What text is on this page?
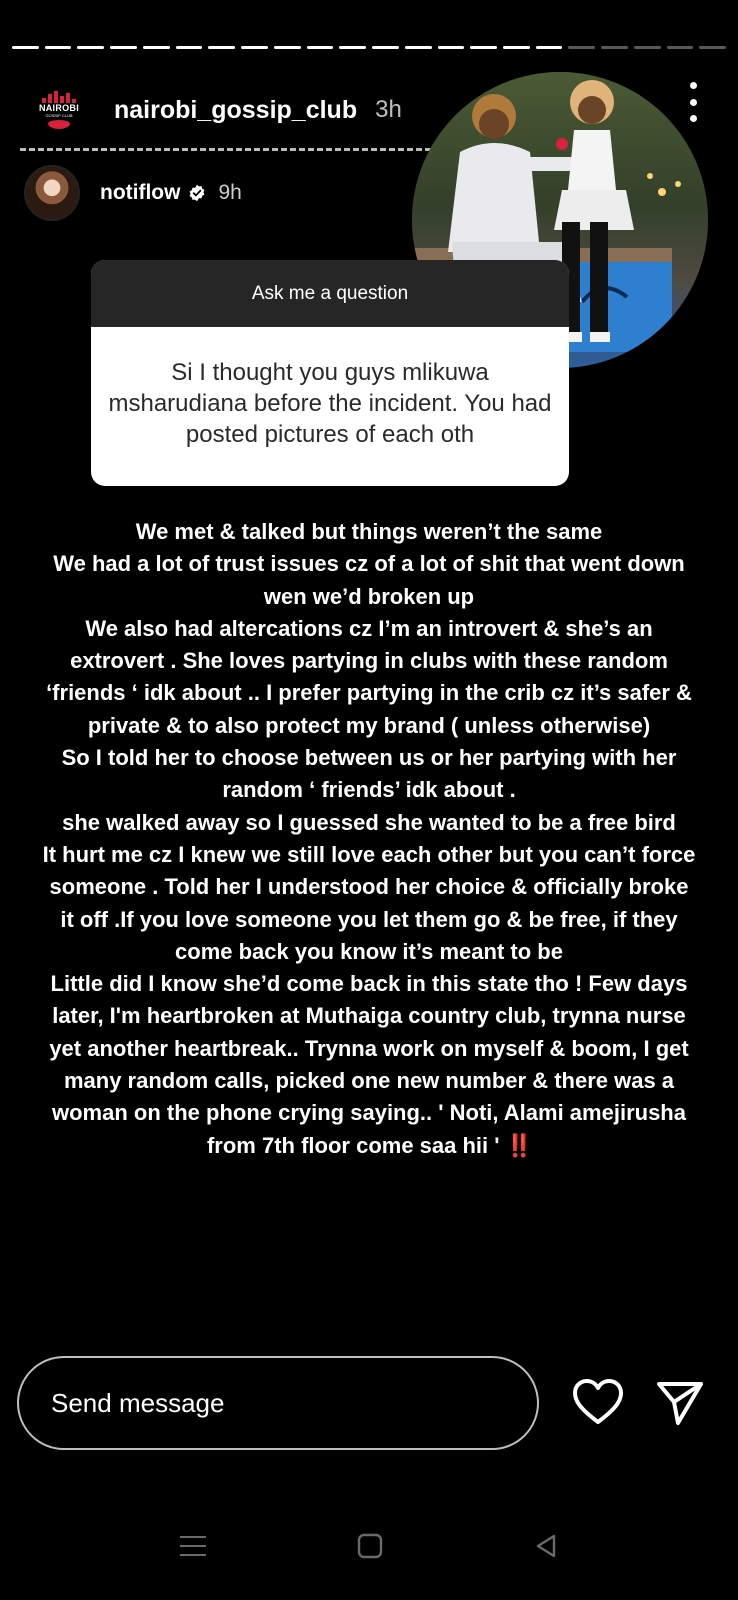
NAIROBI
GOSSIP CLUB nairobi_gossip_club 3h
notiflow 9h
Ask me a question
Si I thought you guys mlikuwa msharudiana before the incident. You had posted pictures of each oth
We met & talked but things weren’t the same
We had a lot of trust issues cz of a lot of shit that went down wen we’d broken up
We also had altercations cz I’m an introvert & she’s an extrovert . She loves partying in clubs with these random ‘friends ‘ idk about .. I prefer partying in the crib cz it’s safer & private & to also protect my brand ( unless otherwise)
So I told her to choose between us or her partying with her random ‘ friends’ idk about .
she walked away so I guessed she wanted to be a free bird
It hurt me cz I knew we still love each other but you can’t force someone . Told her I understood her choice & officially broke it off .If you love someone you let them go & be free, if they come back you know it’s meant to be
Little did I know she’d come back in this state tho ! Few days later, I'm heartbroken at Muthaiga country club, trynna nurse yet another heartbreak.. Trynna work on myself & boom, I get many random calls, picked one new number & there was a woman on the phone crying saying.. ' Noti, Alami amejirusha from 7th floor come saa hii ' ‼️
Send message
